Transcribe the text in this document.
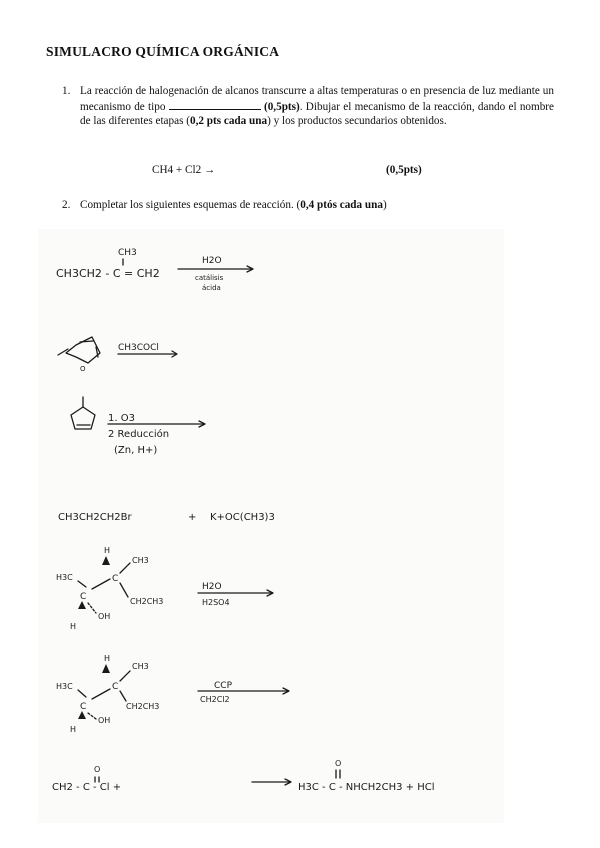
SIMULACRO QUÍMICA ORGÁNICA
1. La reacción de halogenación de alcanos transcurre a altas temperaturas o en presencia de luz mediante un mecanismo de tipo	(0,5pts). Dibujar el mecanismo de la reacción, dando el nombre de las diferentes etapas (0,2 pts cada una) y los productos secundarios obtenidos.
CH4 + Cl2 →	(0,5pts)
2. Completar los siguientes esquemas de reacción. (0,4 ptós cada una)
CH3
CH3CH2 - C = CH2
H2O
catálisis
ácida
O
CH3COCl
1. O3
2 Reducción
(Zn, H+)
CH3CH2CH2Br	+ K+OC(CH3)3
H
CH3
C
H3C
C	CH2CH3
OH
H
H2O
H2SO4
H
CH3
C
H3C
C	CH2CH3
OH
H
CCP
CH2Cl2
O
CH2 - C - Cl +
O
H3C - C - NHCH2CH3 + HCl
